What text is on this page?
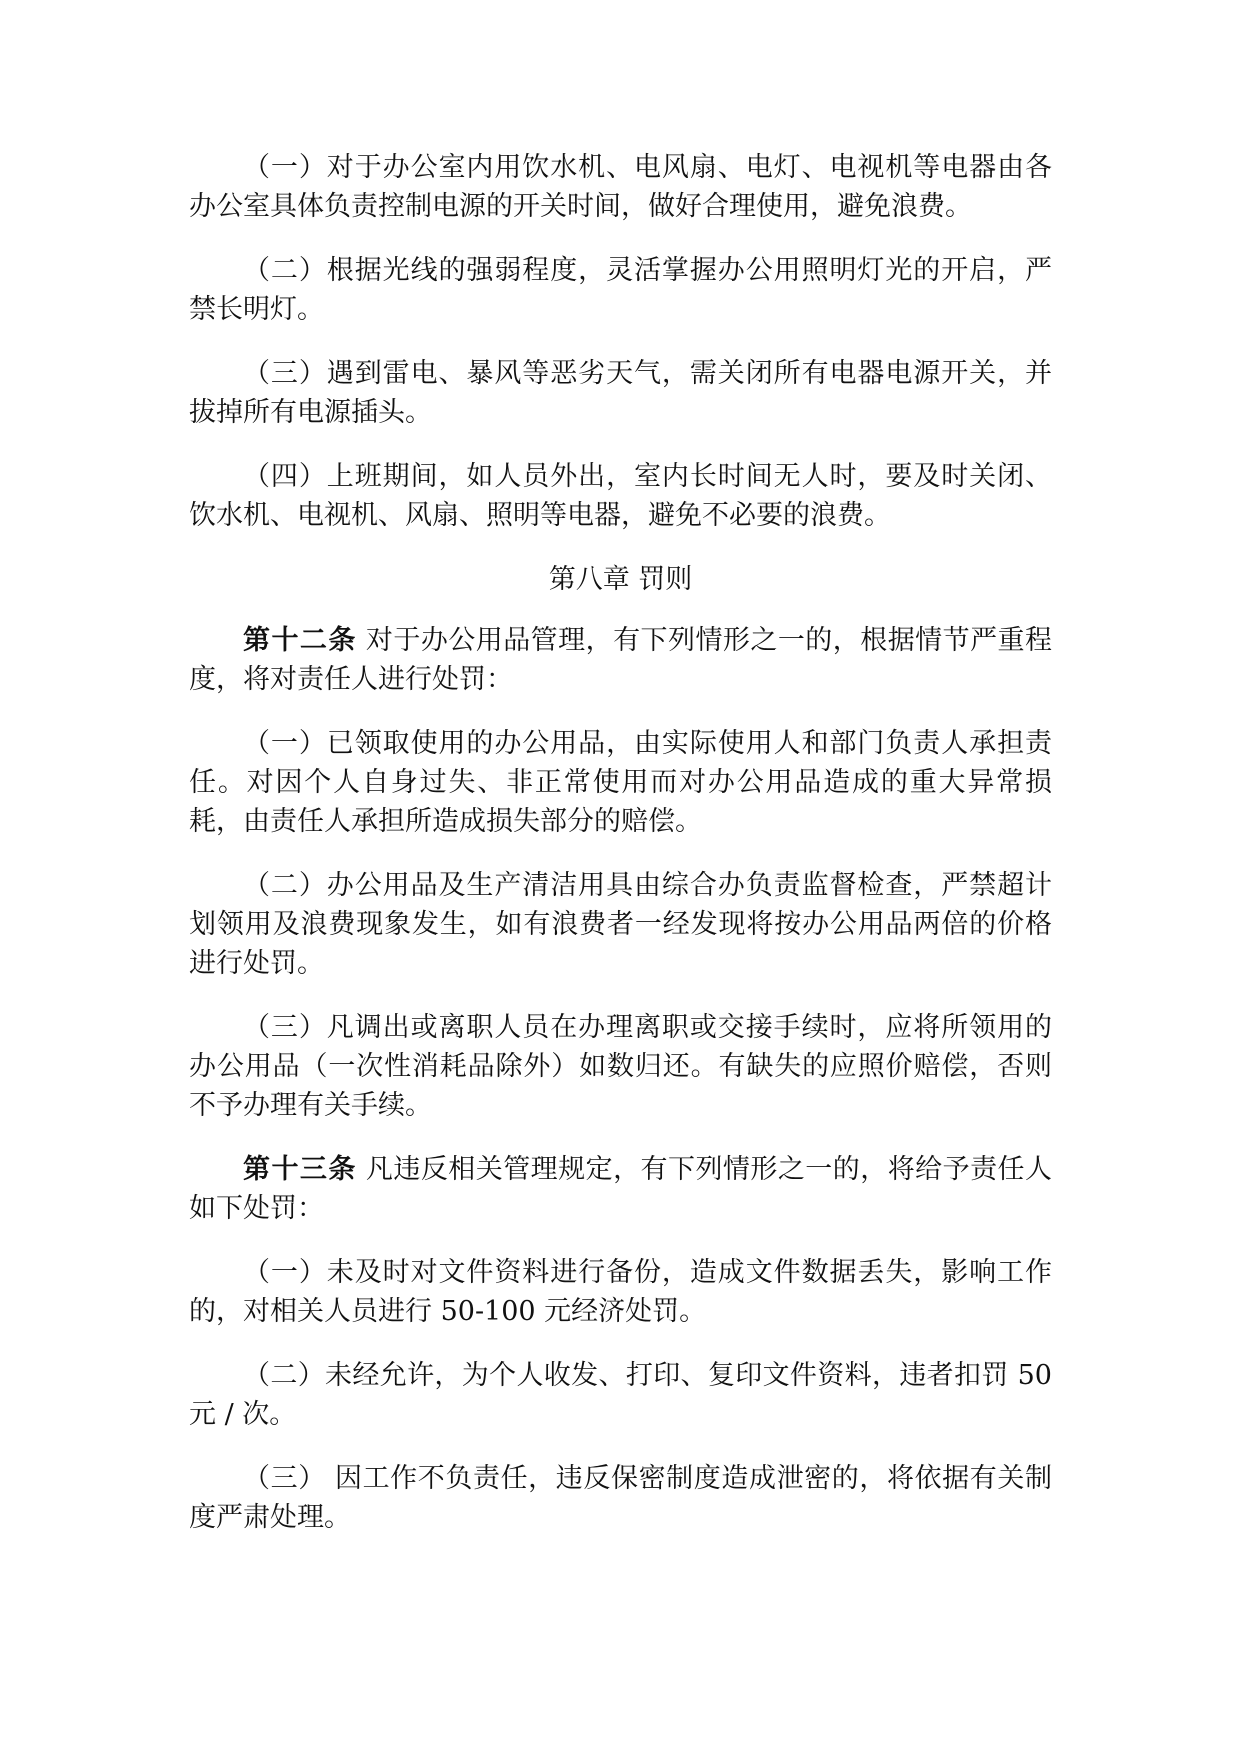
（一）对于办公室内用饮水机、电风扇、电灯、电视机等电器由各办公室具体负责控制电源的开关时间，做好合理使用，避免浪费。

（二）根据光线的强弱程度，灵活掌握办公用照明灯光的开启，严禁长明灯。

（三）遇到雷电、暴风等恶劣天气，需关闭所有电器电源开关，并拔掉所有电源插头。

（四）上班期间，如人员外出，室内长时间无人时，要及时关闭、饮水机、电视机、风扇、照明等电器，避免不必要的浪费。

第八章 罚则

第十二条 对于办公用品管理，有下列情形之一的，根据情节严重程度，将对责任人进行处罚：

（一）已领取使用的办公用品，由实际使用人和部门负责人承担责任。对因个人自身过失、非正常使用而对办公用品造成的重大异常损耗，由责任人承担所造成损失部分的赔偿。

（二）办公用品及生产清洁用具由综合办负责监督检查，严禁超计划领用及浪费现象发生，如有浪费者一经发现将按办公用品两倍的价格进行处罚。

（三）凡调出或离职人员在办理离职或交接手续时，应将所领用的办公用品（一次性消耗品除外）如数归还。有缺失的应照价赔偿，否则不予办理有关手续。

第十三条 凡违反相关管理规定，有下列情形之一的，将给予责任人如下处罚：

（一）未及时对文件资料进行备份，造成文件数据丢失，影响工作的，对相关人员进行 50-100 元经济处罚。

（二）未经允许，为个人收发、打印、复印文件资料，违者扣罚 50 元 / 次。

（三） 因工作不负责任，违反保密制度造成泄密的，将依据有关制度严肃处理。
